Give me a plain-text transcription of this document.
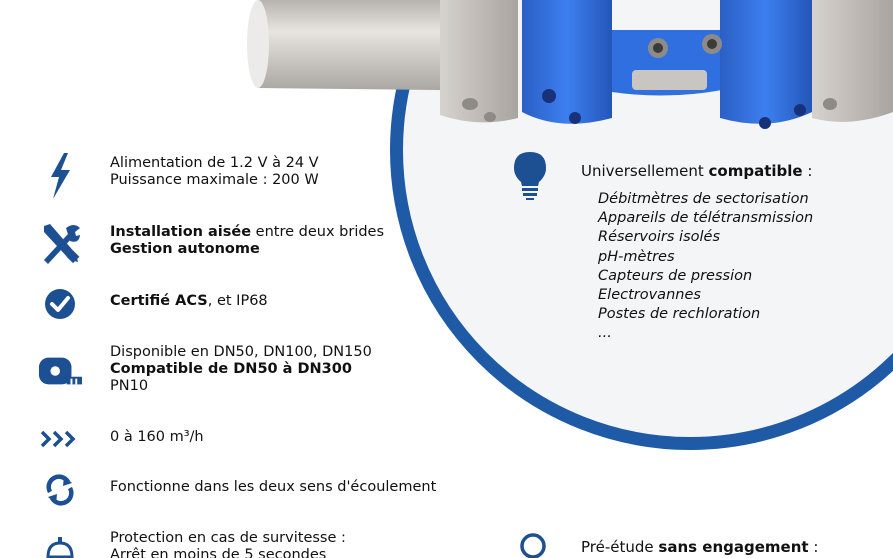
Alimentation de 1.2 V à 24 V
Puissance maximale : 200 W
Installation aisée entre deux brides
Gestion autonome
Certifié ACS, et IP68
Disponible en DN50, DN100, DN150
Compatible de DN50 à DN300
PN10
0 à 160 m³/h
Fonctionne dans les deux sens d'écoulement
Protection en cas de survitesse :
Arrêt en moins de 5 secondes
Universellement compatible :
Débitmètres de sectorisation
Appareils de télétransmission
Réservoirs isolés
pH-mètres
Capteurs de pression
Electrovannes
Postes de rechloration
...
Pré-étude sans engagement :
